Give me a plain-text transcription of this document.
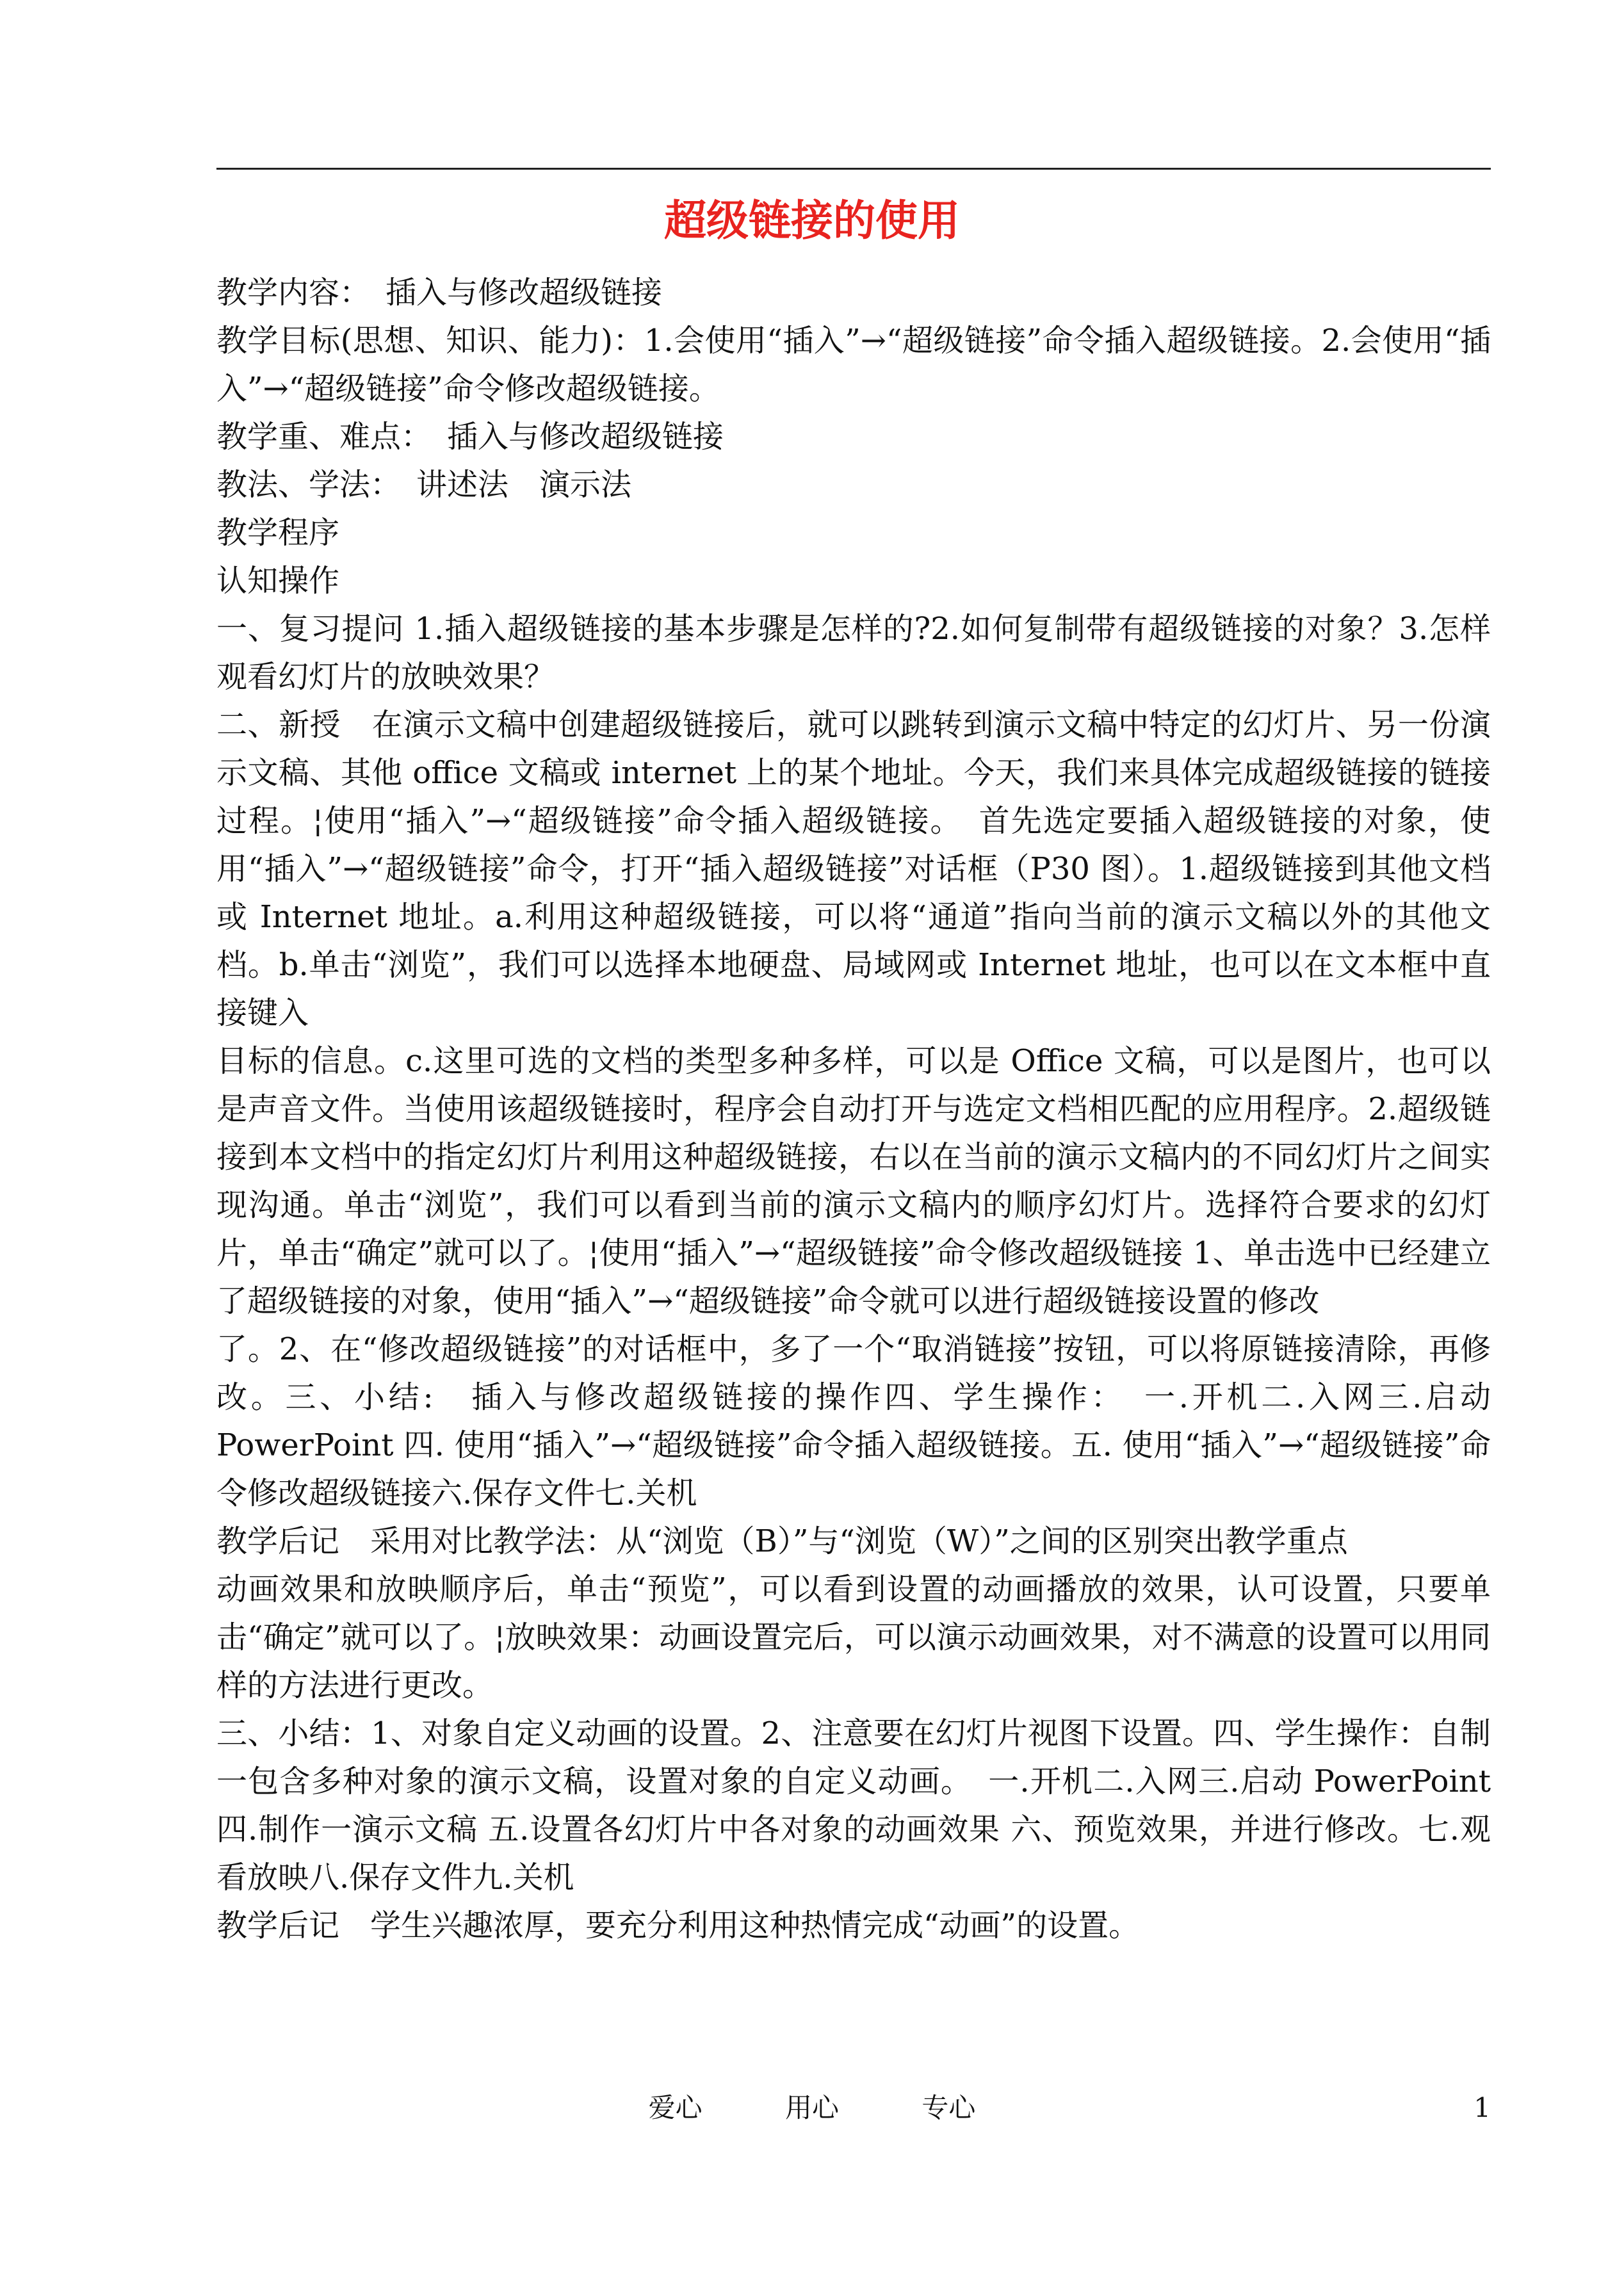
超级链接的使用

教学内容：　插入与修改超级链接

教学目标(思想、知识、能力)：1.会使用“插入”→“超级链接”命令插入超级链接。2.会使用“插入”→“超级链接”命令修改超级链接。

教学重、难点：　插入与修改超级链接

教法、学法：　讲述法　演示法

教学程序

认知操作

一、复习提问 1.插入超级链接的基本步骤是怎样的?2.如何复制带有超级链接的对象？3.怎样观看幻灯片的放映效果？

二、新授　在演示文稿中创建超级链接后，就可以跳转到演示文稿中特定的幻灯片、另一份演示文稿、其他 office 文稿或 internet 上的某个地址。今天，我们来具体完成超级链接的链接过程。¦使用“插入”→“超级链接”命令插入超级链接。　首先选定要插入超级链接的对象，使用“插入”→“超级链接”命令，打开“插入超级链接”对话框（P30 图）。1.超级链接到其他文档或 Internet 地址。a.利用这种超级链接，可以将“通道”指向当前的演示文稿以外的其他文档。b.单击“浏览”，我们可以选择本地硬盘、局域网或 Internet 地址，也可以在文本框中直接键入

目标的信息。c.这里可选的文档的类型多种多样，可以是 Office 文稿，可以是图片，也可以是声音文件。当使用该超级链接时，程序会自动打开与选定文档相匹配的应用程序。2.超级链接到本文档中的指定幻灯片利用这种超级链接，右以在当前的演示文稿内的不同幻灯片之间实现沟通。单击“浏览”，我们可以看到当前的演示文稿内的顺序幻灯片。选择符合要求的幻灯片，单击“确定”就可以了。¦使用“插入”→“超级链接”命令修改超级链接 1、单击选中已经建立了超级链接的对象，使用“插入”→“超级链接”命令就可以进行超级链接设置的修改

了。2、在“修改超级链接”的对话框中，多了一个“取消链接”按钮，可以将原链接清除，再修改。三、小结:　插入与修改超级链接的操作四、学生操作：　一.开机二.入网三.启动 PowerPoint 四. 使用“插入”→“超级链接”命令插入超级链接。五. 使用“插入”→“超级链接”命令修改超级链接六.保存文件七.关机

教学后记　采用对比教学法：从“浏览（B）”与“浏览（W）”之间的区别突出教学重点

动画效果和放映顺序后，单击“预览”，可以看到设置的动画播放的效果，认可设置，只要单击“确定”就可以了。¦放映效果：动画设置完后，可以演示动画效果，对不满意的设置可以用同样的方法进行更改。

三、小结：1、对象自定义动画的设置。2、注意要在幻灯片视图下设置。四、学生操作：自制一包含多种对象的演示文稿，设置对象的自定义动画。　一.开机二.入网三.启动 PowerPoint 四.制作一演示文稿 五.设置各幻灯片中各对象的动画效果 六、预览效果，并进行修改。七.观看放映八.保存文件九.关机

教学后记　学生兴趣浓厚，要充分利用这种热情完成“动画”的设置。

爱心	用心	专心	1
